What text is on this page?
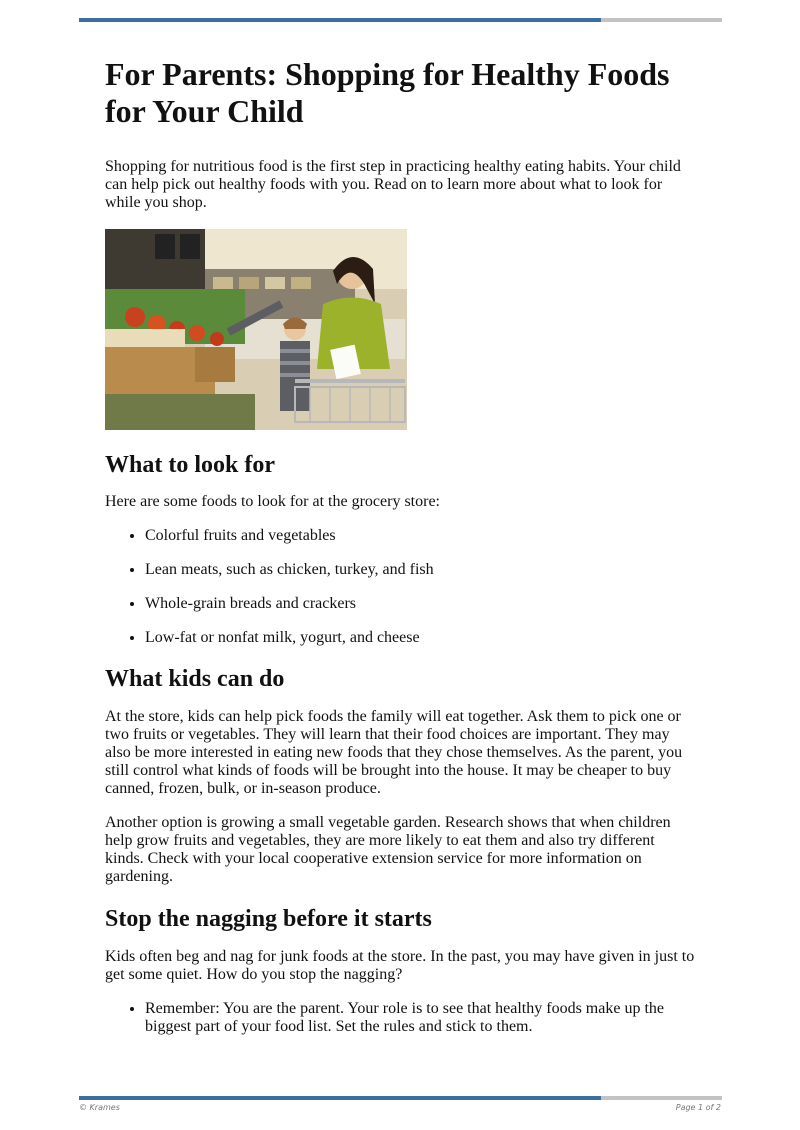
For Parents: Shopping for Healthy Foods for Your Child

Shopping for nutritious food is the first step in practicing healthy eating habits. Your child can help pick out healthy foods with you. Read on to learn more about what to look for while you shop.

What to look for

Here are some foods to look for at the grocery store:

• Colorful fruits and vegetables
• Lean meats, such as chicken, turkey, and fish
• Whole-grain breads and crackers
• Low-fat or nonfat milk, yogurt, and cheese
What kids can do

At the store, kids can help pick foods the family will eat together. Ask them to pick one or two fruits or vegetables. They will learn that their food choices are important. They may also be more interested in eating new foods that they chose themselves. As the parent, you still control what kinds of foods will be brought into the house. It may be cheaper to buy canned, frozen, bulk, or in-season produce.

Another option is growing a small vegetable garden. Research shows that when children help grow fruits and vegetables, they are more likely to eat them and also try different kinds. Check with your local cooperative extension service for more information on gardening.

Stop the nagging before it starts

Kids often beg and nag for junk foods at the store. In the past, you may have given in just to get some quiet. How do you stop the nagging?

• Remember: You are the parent. Your role is to see that healthy foods make up the biggest part of your food list. Set the rules and stick to them.
© Krames	Page 1 of 2
